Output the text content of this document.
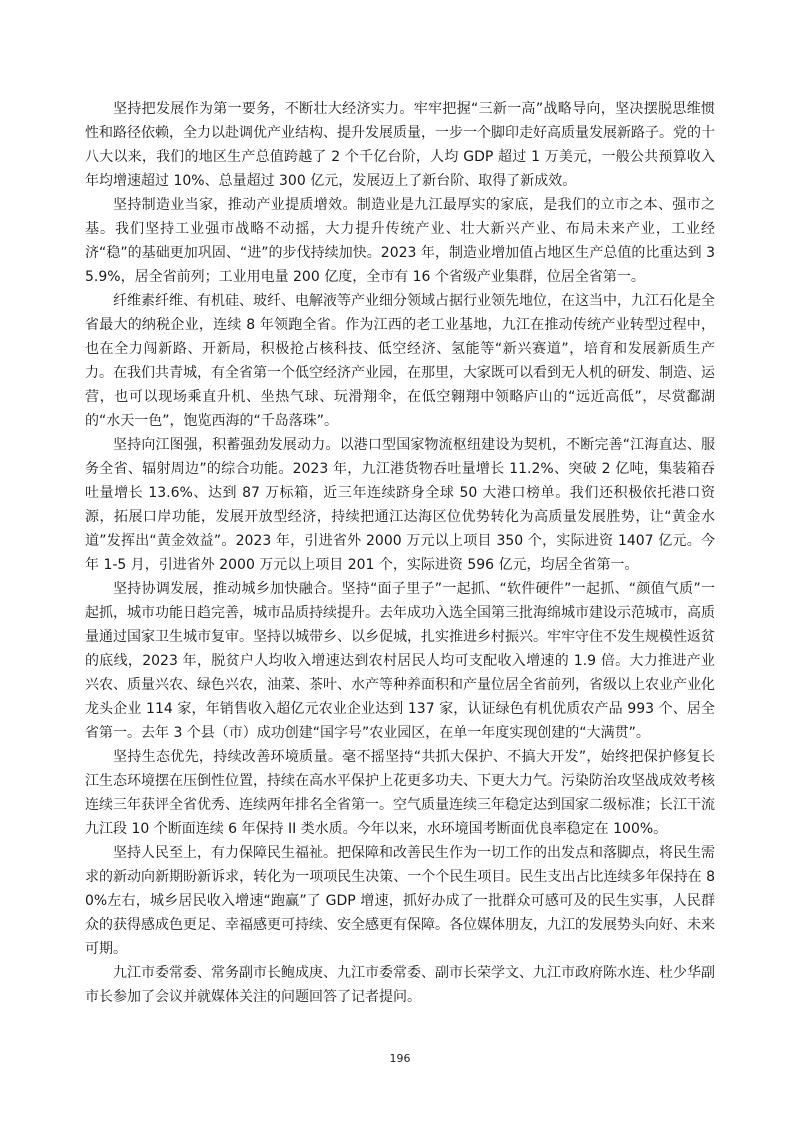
坚持把发展作为第一要务，不断壮大经济实力。牢牢把握“三新一高”战略导向，坚决摆脱思维惯性和路径依赖，全力以赴调优产业结构、提升发展质量，一步一个脚印走好高质量发展新路子。党的十八大以来，我们的地区生产总值跨越了 2 个千亿台阶，人均 GDP 超过 1 万美元，一般公共预算收入年均增速超过 10%、总量超过 300 亿元，发展迈上了新台阶、取得了新成效。

坚持制造业当家，推动产业提质增效。制造业是九江最厚实的家底，是我们的立市之本、强市之基。我们坚持工业强市战略不动摇，大力提升传统产业、壮大新兴产业、布局未来产业，工业经济“稳”的基础更加巩固、“进”的步伐持续加快。2023 年，制造业增加值占地区生产总值的比重达到 35.9%，居全省前列；工业用电量 200 亿度，全市有 16 个省级产业集群，位居全省第一。

纤维素纤维、有机硅、玻纤、电解液等产业细分领域占据行业领先地位，在这当中，九江石化是全省最大的纳税企业，连续 8 年领跑全省。作为江西的老工业基地，九江在推动传统产业转型过程中，也在全力闯新路、开新局，积极抢占核科技、低空经济、氢能等“新兴赛道”，培育和发展新质生产力。在我们共青城，有全省第一个低空经济产业园，在那里，大家既可以看到无人机的研发、制造、运营，也可以现场乘直升机、坐热气球、玩滑翔伞，在低空翱翔中领略庐山的“远近高低”，尽赏鄱湖的“水天一色”，饱览西海的“千岛落珠”。

坚持向江图强，积蓄强劲发展动力。以港口型国家物流枢纽建设为契机，不断完善“江海直达、服务全省、辐射周边”的综合功能。2023 年，九江港货物吞吐量增长 11.2%、突破 2 亿吨，集装箱吞吐量增长 13.6%、达到 87 万标箱，近三年连续跻身全球 50 大港口榜单。我们还积极依托港口资源，拓展口岸功能，发展开放型经济，持续把通江达海区位优势转化为高质量发展胜势，让“黄金水道”发挥出“黄金效益”。2023 年，引进省外 2000 万元以上项目 350 个，实际进资 1407 亿元。今年 1-5 月，引进省外 2000 万元以上项目 201 个，实际进资 596 亿元，均居全省第一。

坚持协调发展，推动城乡加快融合。坚持“面子里子”一起抓、“软件硬件”一起抓、“颜值气质”一起抓，城市功能日趋完善，城市品质持续提升。去年成功入选全国第三批海绵城市建设示范城市，高质量通过国家卫生城市复审。坚持以城带乡、以乡促城，扎实推进乡村振兴。牢牢守住不发生规模性返贫的底线，2023 年，脱贫户人均收入增速达到农村居民人均可支配收入增速的 1.9 倍。大力推进产业兴农、质量兴农、绿色兴农，油菜、茶叶、水产等种养面积和产量位居全省前列，省级以上农业产业化龙头企业 114 家，年销售收入超亿元农业企业达到 137 家，认证绿色有机优质农产品 993 个、居全省第一。去年 3 个县（市）成功创建“国字号”农业园区，在单一年度实现创建的“大满贯”。

坚持生态优先，持续改善环境质量。毫不摇坚持“共抓大保护、不搞大开发”，始终把保护修复长江生态环境摆在压倒性位置，持续在高水平保护上花更多功夫、下更大力气。污染防治攻坚战成效考核连续三年获评全省优秀、连续两年排名全省第一。空气质量连续三年稳定达到国家二级标准；长江干流九江段 10 个断面连续 6 年保持 II 类水质。今年以来，水环境国考断面优良率稳定在 100%。

坚持人民至上，有力保障民生福祉。把保障和改善民生作为一切工作的出发点和落脚点，将民生需求的新动向新期盼新诉求，转化为一项项民生决策、一个个民生项目。民生支出占比连续多年保持在 80%左右，城乡居民收入增速“跑赢”了 GDP 增速，抓好办成了一批群众可感可及的民生实事，人民群众的获得感成色更足、幸福感更可持续、安全感更有保障。各位媒体朋友，九江的发展势头向好、未来可期。

九江市委常委、常务副市长鲍成庚、九江市委常委、副市长荣学文、九江市政府陈水连、杜少华副市长参加了会议并就媒体关注的问题回答了记者提问。

196
